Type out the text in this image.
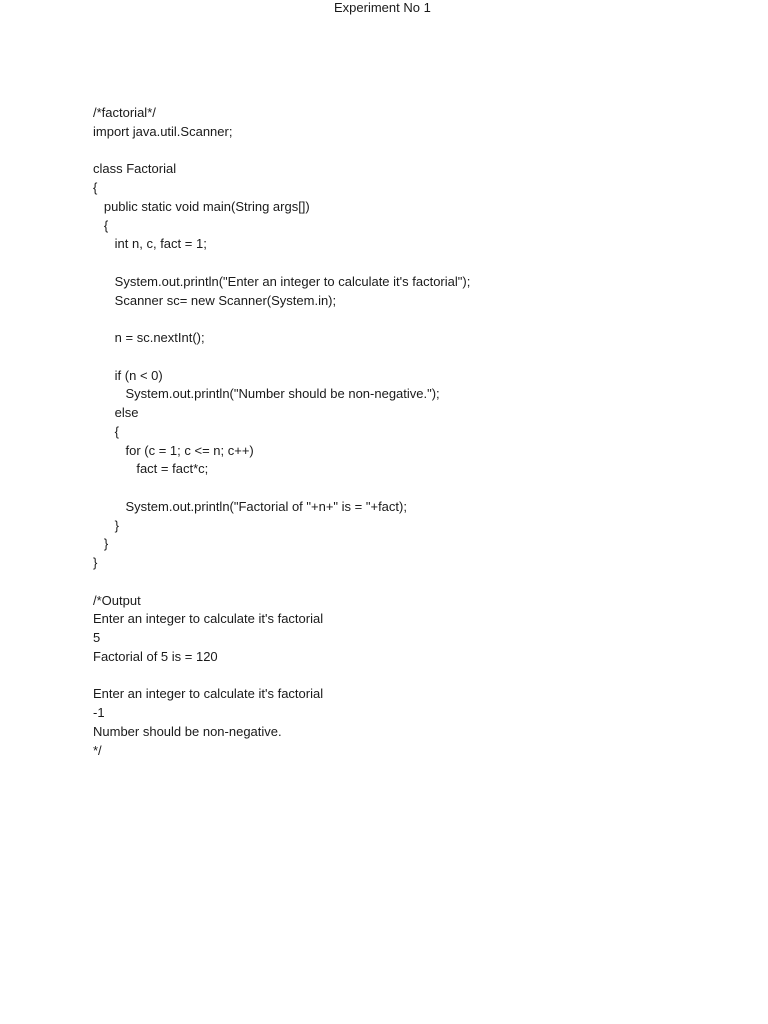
Experiment No 1
/*factorial*/
import java.util.Scanner;
class Factorial
{
public static void main(String args[])
{
int n, c, fact = 1;
System.out.println("Enter an integer to calculate it's factorial");
Scanner sc= new Scanner(System.in);
n = sc.nextInt();
if (n < 0)
System.out.println("Number should be non-negative.");
else
{
for (c = 1; c <= n; c++)
fact = fact*c;
System.out.println("Factorial of "+n+" is = "+fact);
}
}
}
/*Output
Enter an integer to calculate it's factorial
5
Factorial of 5 is = 120
Enter an integer to calculate it's factorial
-1
Number should be non-negative.
*/
